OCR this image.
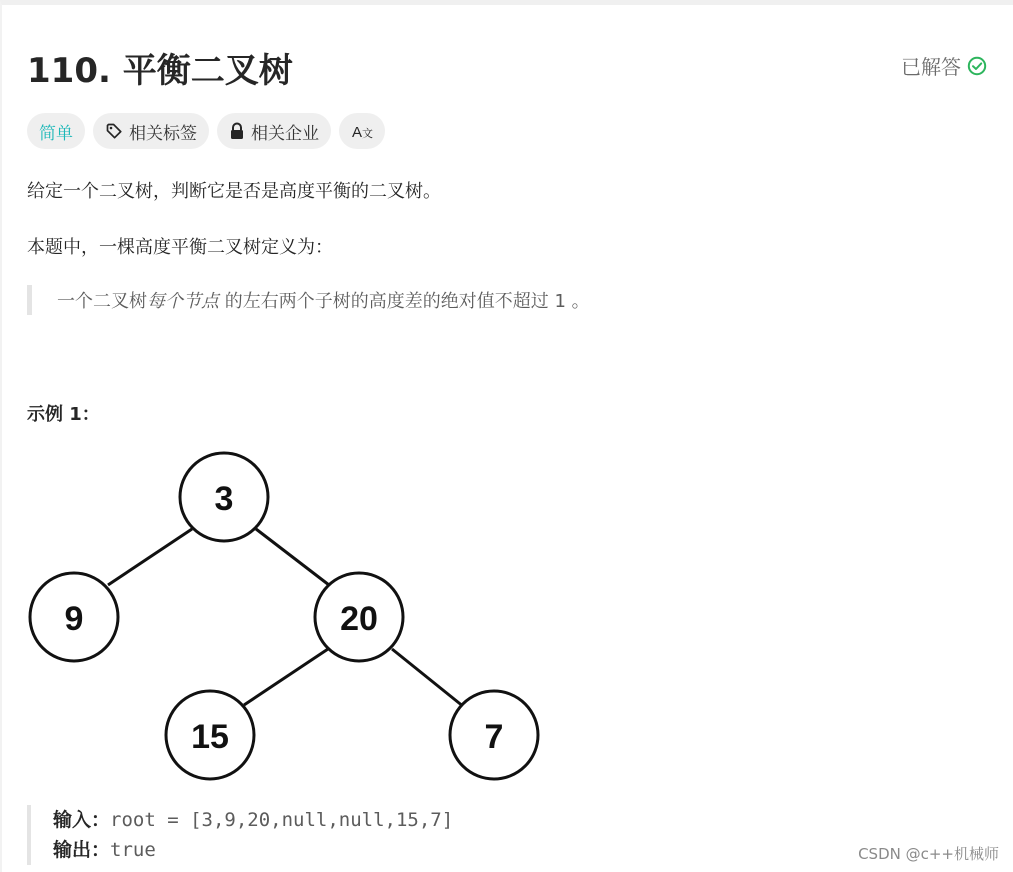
110. 平衡二叉树	已解答
简单	相关标签	相关企业 A 文
给定一个二叉树，判断它是否是高度平衡的二叉树。
本题中，一棵高度平衡二叉树定义为：
一个二叉树 每个节点 的左右两个子树的高度差的绝对值不超过 1 。
示例 1：
3
9	20
15	7
输入：root = [3,9,20,null,null,15,7]
输出：true	CSDN @c++机械师
